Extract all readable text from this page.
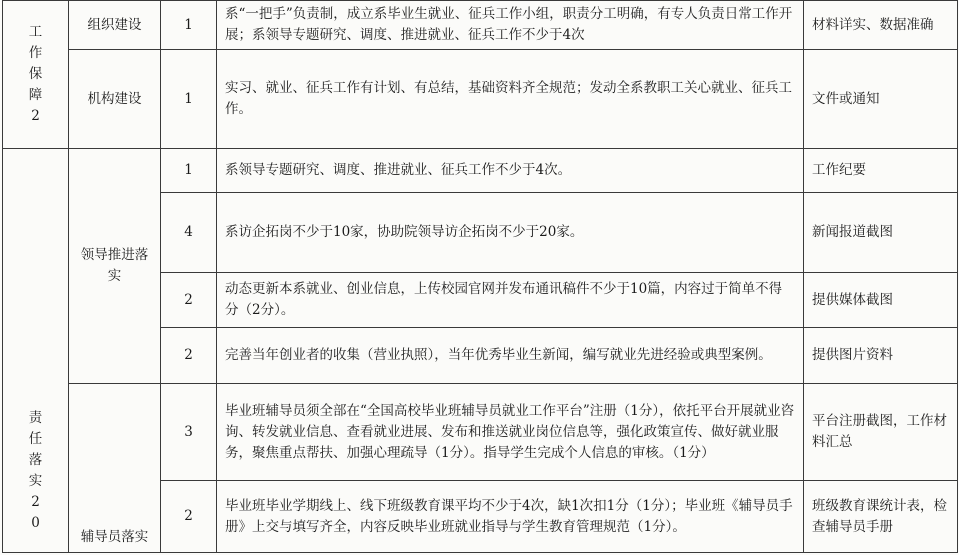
工作保障2	组织建设	1	系“一把手”负责制，成立系毕业生就业、征兵工作小组，职责分工明确，有专人负责日常工作开展；系领导专题研究、调度、推进就业、征兵工作不少于4次	材料详实、数据准确
	机构建设	1	实习、就业、征兵工作有计划、有总结，基础资料齐全规范；发动全系教职工关心就业、征兵工作。	文件或通知
责任落实20	领导推进落实	1	系领导专题研究、调度、推进就业、征兵工作不少于4次。	工作纪要
		4	系访企拓岗不少于10家，协助院领导访企拓岗不少于20家。	新闻报道截图
		2	动态更新本系就业、创业信息，上传校园官网并发布通讯稿件不少于10篇，内容过于简单不得分（2分）。	提供媒体截图
		2	完善当年创业者的收集（营业执照），当年优秀毕业生新闻，编写就业先进经验或典型案例。	提供图片资料
	辅导员落实	3	毕业班辅导员须全部在“全国高校毕业班辅导员就业工作平台”注册（1分），依托平台开展就业咨询、转发就业信息、查看就业进展、发布和推送就业岗位信息等，强化政策宣传、做好就业服务，聚焦重点帮扶、加强心理疏导（1分）。指导学生完成个人信息的审核。（1分）	平台注册截图，工作材料汇总
		2	毕业班毕业学期线上、线下班级教育课平均不少于4次，缺1次扣1分（1分）；毕业班《辅导员手册》上交与填写齐全，内容反映毕业班就业指导与学生教育管理规范（1分）。	班级教育课统计表，检查辅导员手册
